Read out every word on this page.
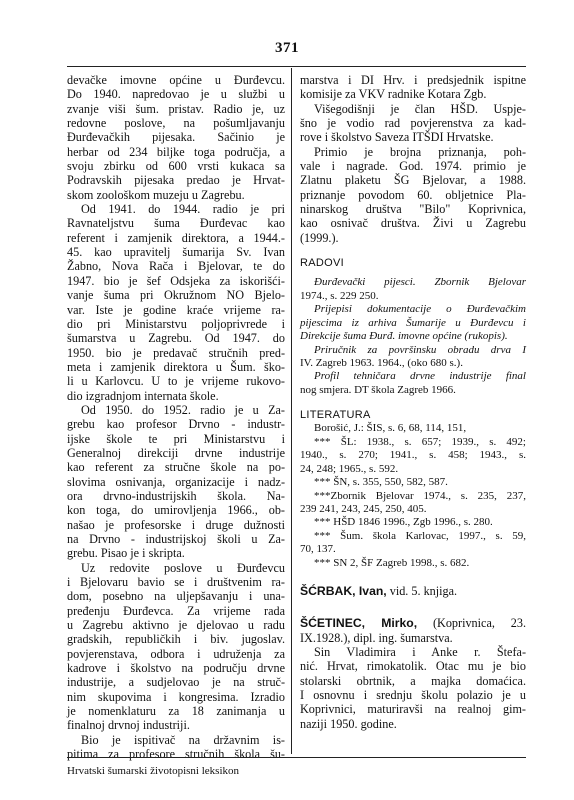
371
devačke imovne općine u Đurđevcu.
Do 1940. napredovao je u službi u
zvanje viši šum. pristav. Radio je, uz
redovne poslove, na pošumljavanju
Đurđevačkih pijesaka. Sačinio je
herbar od 234 biljke toga područja, a
svoju zbirku od 600 vrsti kukaca sa
Podravskih pijesaka predao je Hrvat-
skom zoološkom muzeju u Zagrebu.
Od 1941. do 1944. radio je pri
Ravnateljstvu šuma Đurđevac kao
referent i zamjenik direktora, a 1944.-
45. kao upravitelj šumarija Sv. Ivan
Žabno, Nova Rača i Bjelovar, te do
1947. bio je šef Odsjeka za iskorišći-
vanje šuma pri Okružnom NO Bjelo-
var. Iste je godine kraće vrijeme ra-
dio pri Ministarstvu poljoprivrede i
šumarstva u Zagrebu. Od 1947. do
1950. bio je predavač stručnih pred-
meta i zamjenik direktora u Šum. ško-
li u Karlovcu. U to je vrijeme rukovo-
dio izgradnjom internata škole.
Od 1950. do 1952. radio je u Za-
grebu kao profesor Drvno - industr-
ijske škole te pri Ministarstvu i
Generalnoj direkciji drvne industrije
kao referent za stručne škole na po-
slovima osnivanja, organizacije i nadz-
ora drvno-industrijskih škola. Na-
kon toga, do umirovljenja 1966., ob-
našao je profesorske i druge dužnosti
na Drvno - industrijskoj školi u Za-
grebu. Pisao je i skripta.
Uz redovite poslove u Đurđevcu
i Bjelovaru bavio se i društvenim ra-
dom, posebno na uljepšavanju i una-
pređenju Đurđevca. Za vrijeme rada
u Zagrebu aktivno je djelovao u radu
gradskih, republičkih i biv. jugoslav.
povjerenstava, odbora i udruženja za
kadrove i školstvo na području drvne
industrije, a sudjelovao je na struč-
nim skupovima i kongresima. Izradio
je nomenklaturu za 18 zanimanja u
finalnoj drvnoj industriji.
Bio je ispitivač na državnim is-
pitima za profesore stručnih škola šu-
marstva i DI Hrv. i predsjednik ispitne
komisije za VKV radnike Kotara Zgb.
Višegodišnji je član HŠD. Uspje-
šno je vodio rad povjerenstva za kad-
rove i školstvo Saveza ITŠDI Hrvatske.
Primio je brojna priznanja, poh-
vale i nagrade. God. 1974. primio je
Zlatnu plaketu ŠG Bjelovar, a 1988.
priznanje povodom 60. obljetnice Pla-
ninarskog društva "Bilo" Koprivnica,
kao osnivač društva. Živi u Zagrebu
(1999.).
RADOVI
Đurđevački pijesci. Zbornik Bjelovar
1974., s. 229 250.
Prijepisi dokumentacije o Đurđevačkim
pijescima iz arhiva Šumarije u Đurđevcu i
Direkcije šuma Đurđ. imovne općine (rukopis).
Priručnik za površinsku obradu drva I
IV. Zagreb 1963. 1964., (oko 680 s.).
Profil tehničara drvne industrije final
nog smjera. DT škola Zagreb 1966.
LITERATURA
Borošić, J.: ŠIS, s. 6, 68, 114, 151,
*** ŠL: 1938., s. 657; 1939., s. 492;
1940., s. 270; 1941., s. 458; 1943., s.
24, 248; 1965., s. 592.
*** ŠN, s. 355, 550, 582, 587.
***Zbornik Bjelovar 1974., s. 235, 237,
239 241, 243, 245, 250, 405.
*** HŠD 1846 1996., Zgb 1996., s. 280.
*** Šum. škola Karlovac, 1997., s. 59,
70, 137.
*** SN 2, ŠF Zagreb 1998., s. 682.
ŠĆRBAK, Ivan, vid. 5. knjiga.
ŠĆETINEC, Mirko, (Koprivnica, 23.
IX.1928.), dipl. ing. šumarstva.
Sin Vladimira i Anke r. Štefa-
nić. Hrvat, rimokatolik. Otac mu je bio
stolarski obrtnik, a majka domaćica.
I osnovnu i srednju školu polazio je u
Koprivnici, maturiravši na realnoj gim-
naziji 1950. godine.
Hrvatski šumarski životopisni leksikon
